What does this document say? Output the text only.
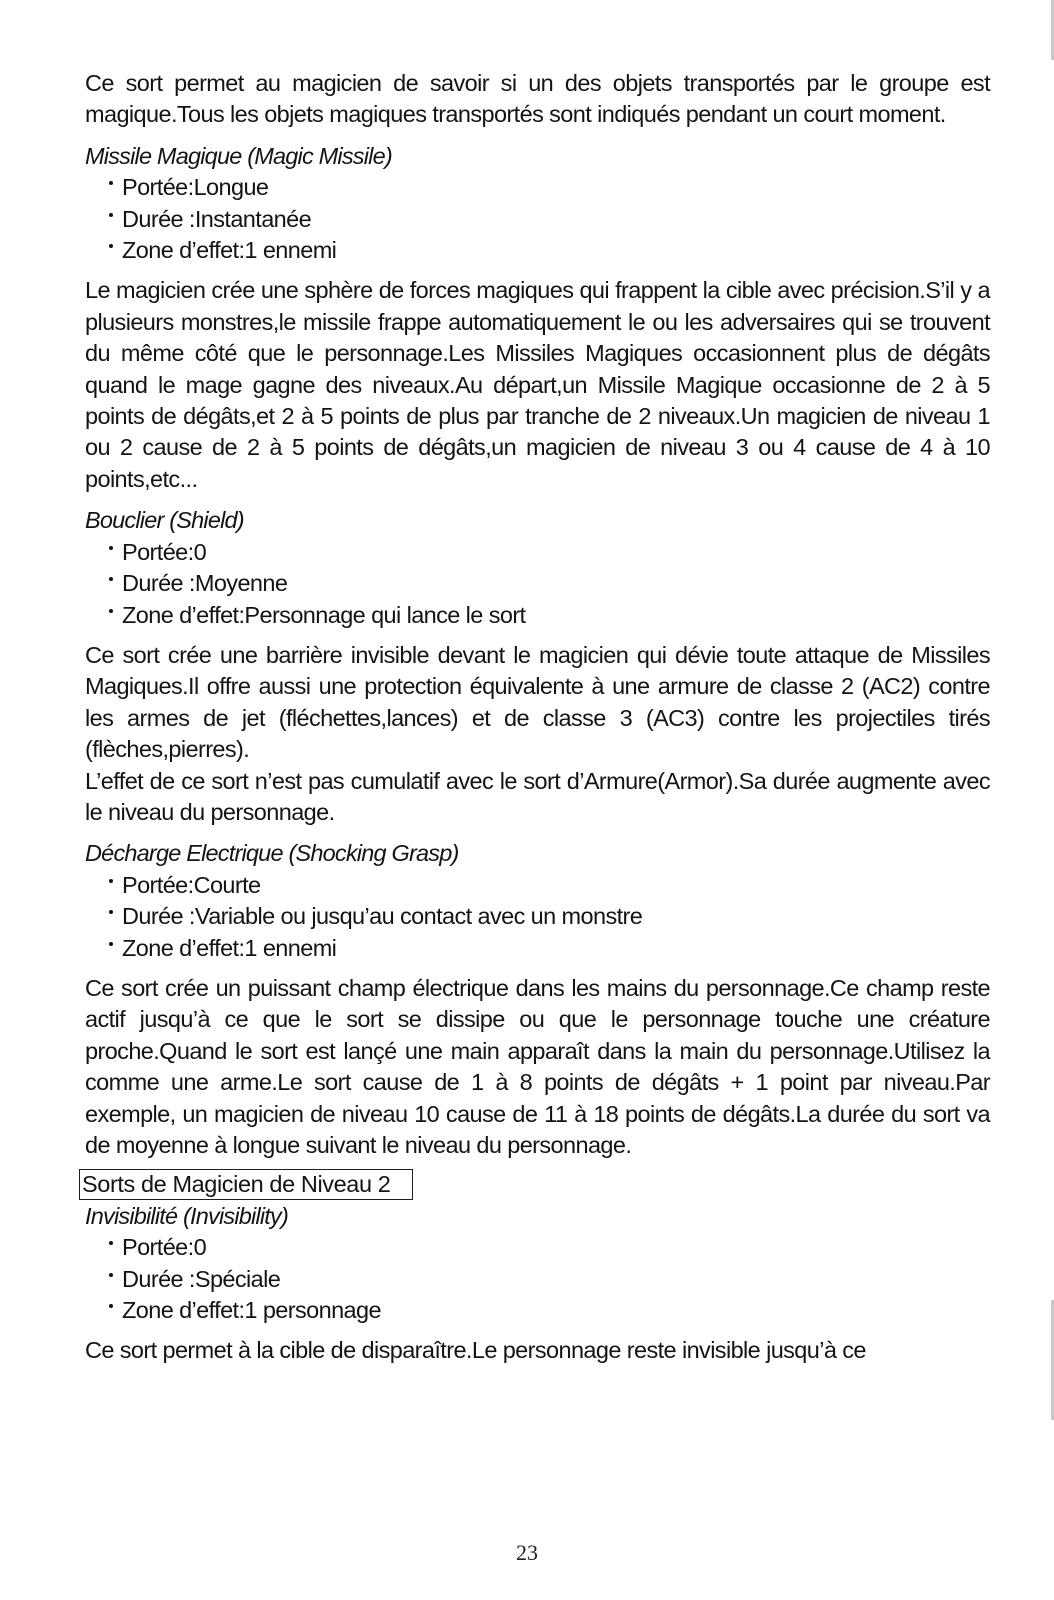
Ce sort permet au magicien de savoir si un des objets transportés par le groupe est magique.Tous les objets magiques transportés sont indiqués pendant un court moment.

Missile Magique (Magic Missile)

Portée:Longue
Durée :Instantanée
Zone d’effet:1 ennemi

Le magicien crée une sphère de forces magiques qui frappent la cible avec précision.S’il y a plusieurs monstres,le missile frappe automatiquement le ou les adversaires qui se trouvent du même côté que le personnage.Les Missiles Magiques occasionnent plus de dégâts quand le mage gagne des niveaux.Au départ,un Missile Magique occasionne de 2 à 5 points de dégâts,et 2 à 5 points de plus par tranche de 2 niveaux.Un magicien de niveau 1 ou 2 cause de 2 à 5 points de dégâts,un magicien de niveau 3 ou 4 cause de 4 à 10 points,etc...

Bouclier (Shield)

Portée:0
Durée :Moyenne
Zone d’effet:Personnage qui lance le sort

Ce sort crée une barrière invisible devant le magicien qui dévie toute attaque de Missiles Magiques.Il offre aussi une protection équivalente à une armure de classe 2 (AC2) contre les armes de jet (fléchettes,lances) et de classe 3 (AC3) contre les projectiles tirés (flèches,pierres).

L’effet de ce sort n’est pas cumulatif avec le sort d’Armure(Armor).Sa durée augmente avec le niveau du personnage.

Décharge Electrique (Shocking Grasp)

Portée:Courte
Durée :Variable ou jusqu’au contact avec un monstre
Zone d’effet:1 ennemi

Ce sort crée un puissant champ électrique dans les mains du personnage.Ce champ reste actif jusqu’à ce que le sort se dissipe ou que le personnage touche une créature proche.Quand le sort est lançé une main apparaît dans la main du personnage.Utilisez la comme une arme.Le sort cause de 1 à 8 points de dégâts + 1 point par niveau.Par exemple, un magicien de niveau 10 cause de 11 à 18 points de dégâts.La durée du sort va de moyenne à longue suivant le niveau du personnage.

Sorts de Magicien de Niveau 2

Invisibilité (Invisibility)

Portée:0
Durée :Spéciale
Zone d’effet:1 personnage

Ce sort permet à la cible de disparaître.Le personnage reste invisible jusqu’à ce

23
